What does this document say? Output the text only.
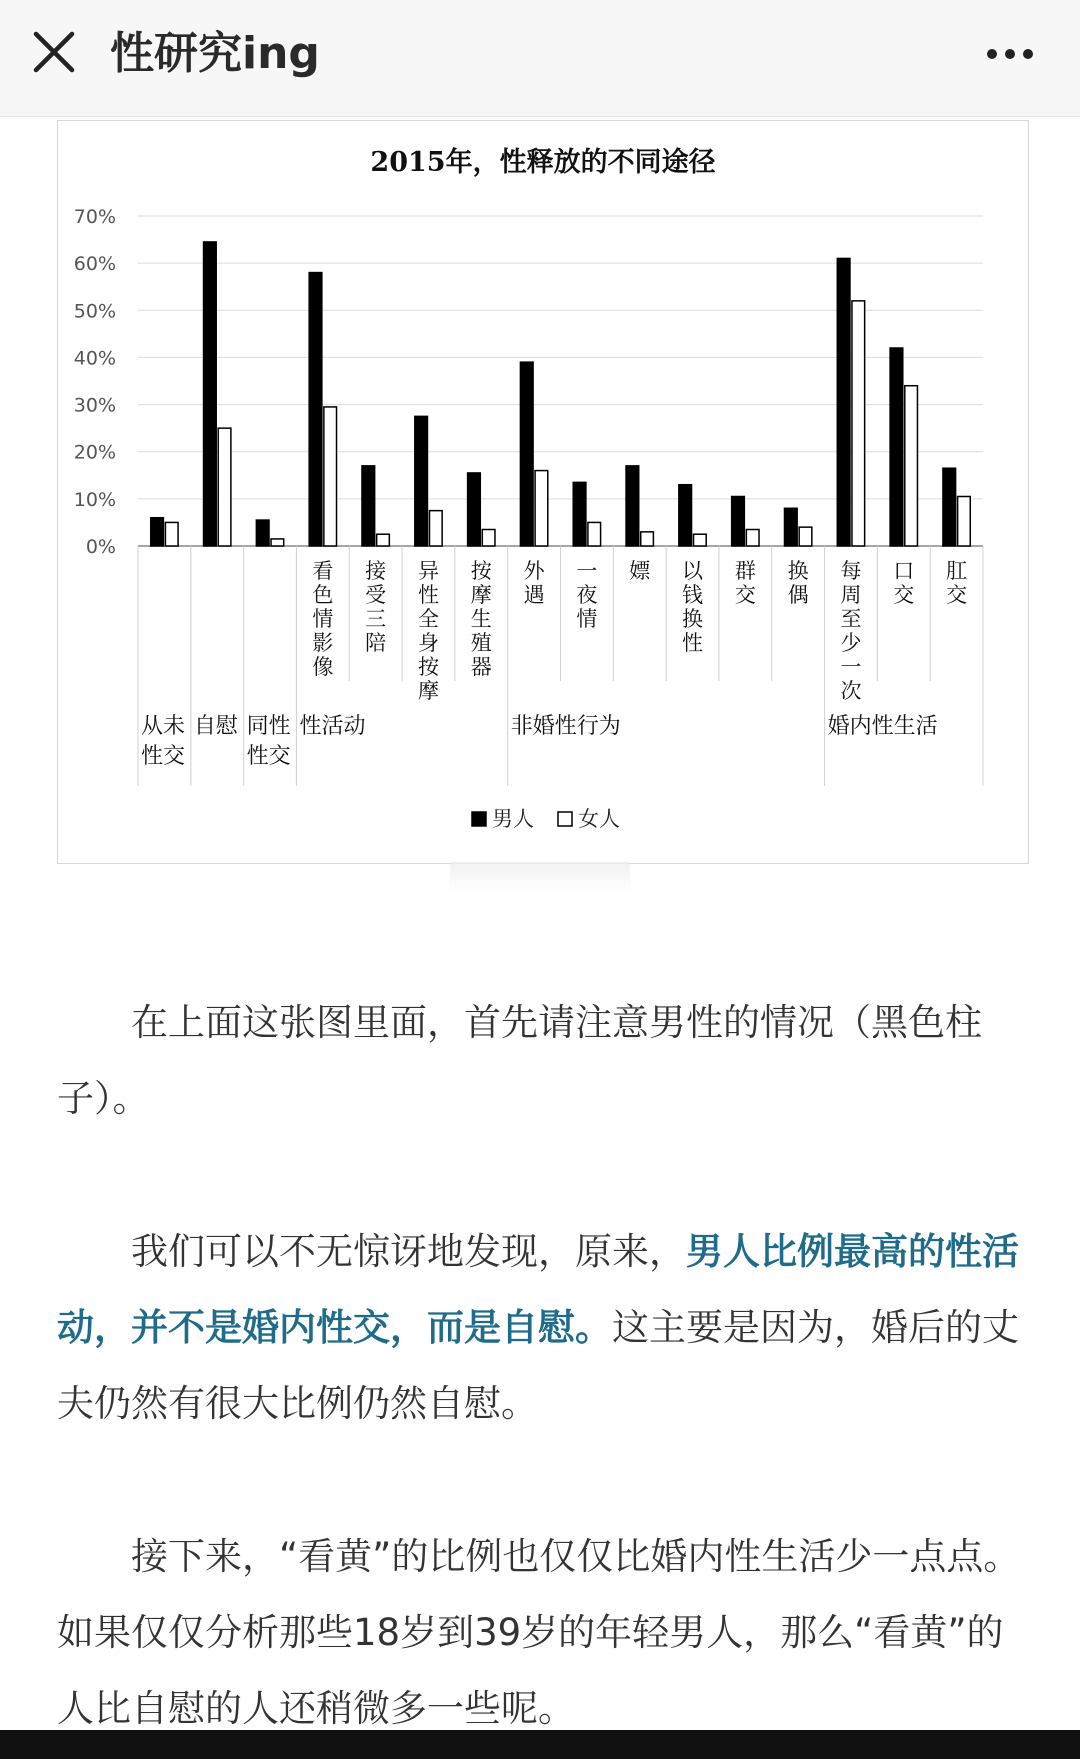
性研究ing
2015年，性释放的不同途径
0%
10%
20%
30%
40%
50%
60%
70%
看
色
情
影
像
接
受
三
陪
异
性
全
身
按
摩
按
摩
生
殖
器
外
遇
一
夜
情
嫖 以
钱
换
性
群
交
换
偶
每
周
至
少
一
次
口
交
肛
交
从未
性交
自慰 同性
性交
性活动	非婚性行为	婚内性生活
男人 女人

在上面这张图里面，首先请注意男性的情况（黑色柱子）。

我们可以不无惊讶地发现，原来，男人比例最高的性活动，并不是婚内性交，而是自慰。这主要是因为，婚后的丈夫仍然有很大比例仍然自慰。

接下来，“看黄”的比例也仅仅比婚内性生活少一点点。如果仅仅分析那些18岁到39岁的年轻男人，那么“看黄”的人比自慰的人还稍微多一些呢。
